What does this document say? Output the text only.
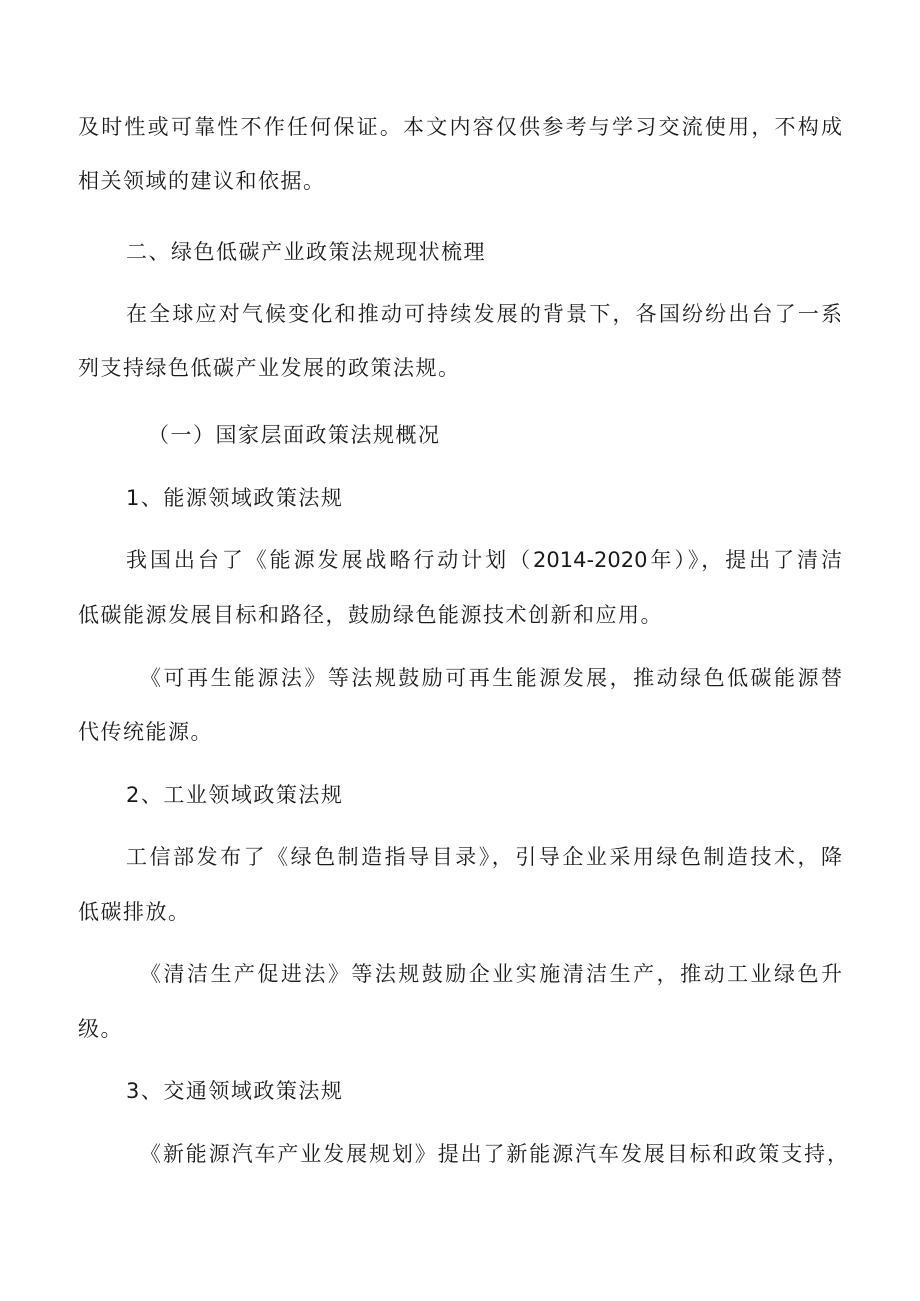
及时性或可靠性不作任何保证。本文内容仅供参考与学习交流使用，不构成
相关领域的建议和依据。
二、绿色低碳产业政策法规现状梳理
在全球应对气候变化和推动可持续发展的背景下，各国纷纷出台了一系
列支持绿色低碳产业发展的政策法规。
（一）国家层面政策法规概况
1、能源领域政策法规
我国出台了《能源发展战略行动计划（2014-2020年）》，提出了清洁
低碳能源发展目标和路径，鼓励绿色能源技术创新和应用。
《可再生能源法》等法规鼓励可再生能源发展，推动绿色低碳能源替
代传统能源。
2、工业领域政策法规
工信部发布了《绿色制造指导目录》，引导企业采用绿色制造技术，降
低碳排放。
《清洁生产促进法》等法规鼓励企业实施清洁生产，推动工业绿色升
级。
3、交通领域政策法规
《新能源汽车产业发展规划》提出了新能源汽车发展目标和政策支持，
